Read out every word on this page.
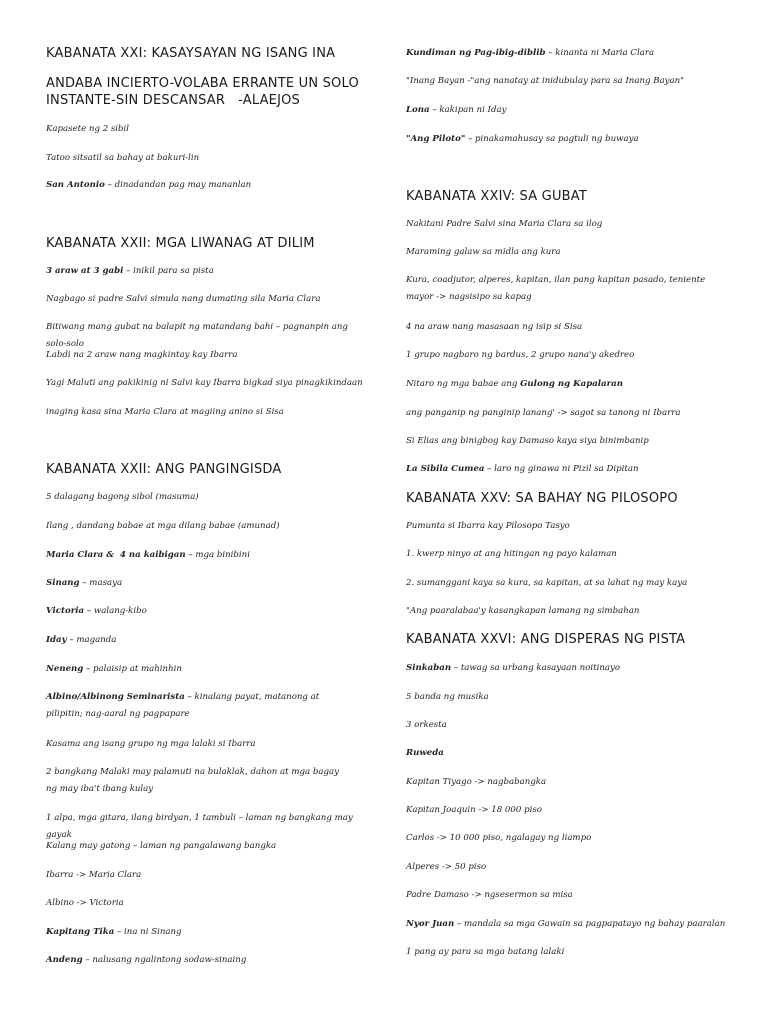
KABANATA XXI: KASAYSAYAN NG ISANG INA
ANDABA INCIERTO-VOLABA ERRANTE UN SOLO INSTANTE-SIN DESCANSAR   -ALAEJOS
Kapasete ng 2 sibil
Tatoo sitsatil sa bahay at bakuri-lin
San Antonio – dinadandan pag may mananlan
KABANATA XXII: MGA LIWANAG AT DILIM
3 araw at 3 gabi – inikil para sa pista
Nagbago si padre Salvi simula nang dumating sila Maria Clara
Bitiwang mang gubat na balapit ng matandang bahi – pagnanpin ang solo-solo
Labdi na 2 araw nang magkintay kay Ibarra
Yagi Maluti ang pakikinig ni Salvi kay Ibarra bigkad siya pinagkikindaan
inaging kasa sina Maria Clara at magiing anino si Sisa
KABANATA XXII: ANG PANGINGISDA
5 dalagang bagong sibol (masuma)
Ilang , dandang babae at mga dilang babae (amunad)
Maria Clara &  4 na kaibigan – mga binibini
Sinang – masaya
Victoria – walang-kibo
Iday – maganda
Neneng – palaisip at mahinhin
Albino/Albinong Seminarista – kinalang payat, matanong at pilipitin; nag-aaral ng pagpapare
Kasama ang isang grupo ng mga lalaki si Ibarra
2 bangkang Malaki may palamuti na bulaklak, dahon at mga bagay ng may iba't ibang kulay
1 alpa, mga gitara, ilang birdyan, 1 tambuli – laman ng bangkang may gayak
Kalang may gatong – laman ng pangalawang bangka
Ibarra -> Maria Clara
Albino -> Victoria
Kapitang Tika – ina ni Sinang
Andeng – nalusang ngalintong sodaw-sinaing
Kundiman ng Pag-ibig-diblib – kinanta ni Maria Clara
"Inang Bayan -"ang nanatay at inidubulay para sa Inang Bayan"
Lona – kakipan ni Iday
"Ang Piloto" – pinakamahusay sa pagtuli ng buwaya
KABANATA XXIV: SA GUBAT
Nakitani Padre Salvi sina Maria Clara sa ilog
Maraming galaw sa midla ang kura
Kura, coadjutor, alperes, kapitan, ilan pang kapitan pasado, teniente mayor -> nagsisipo sa kapag
4 na araw nang masasaan ng isip si Sisa
1 grupo nagbaro ng bardus, 2 grupo nana'y akedreo
Nitaro ng mga babae ang Gulong ng Kapalaran
ang panganip ng panginip lanang' -> sagot sa tanong ni Ibarra
Si Elias ang binigbog kay Damaso kaya siya binimbanip
La Sibila Cumea – laro ng ginawa ni Pizil sa Dipitan
KABANATA XXV: SA BAHAY NG PILOSOPO
Pumunta si Ibarra kay Pilosopo Tasyo
1. kwerp ninyo at ang hitingan ng payo kalaman
2. sumanggani kaya sa kura, sa kapitan, at sa lahat ng may kaya
"Ang paaralabaa'y kasangkapan lamang ng simbahan
KABANATA XXVI: ANG DISPERAS NG PISTA
Sinkaban – tawag sa urbang kasayaan noitinayo
5 banda ng musika
3 orkesta
Ruweda
Kapitan Tiyago -> nagbabangka
Kapitan Joaquin -> 18 000 piso
Carlos -> 10 000 piso, ngalagay ng liampo
Alperes -> 50 piso
Padre Damaso -> ngsesermon sa misa
Nyor Juan – mandala sa mga Gawain sa pagpapatayo ng bahay paaralan
1 pang ay para sa mga batang lalaki
